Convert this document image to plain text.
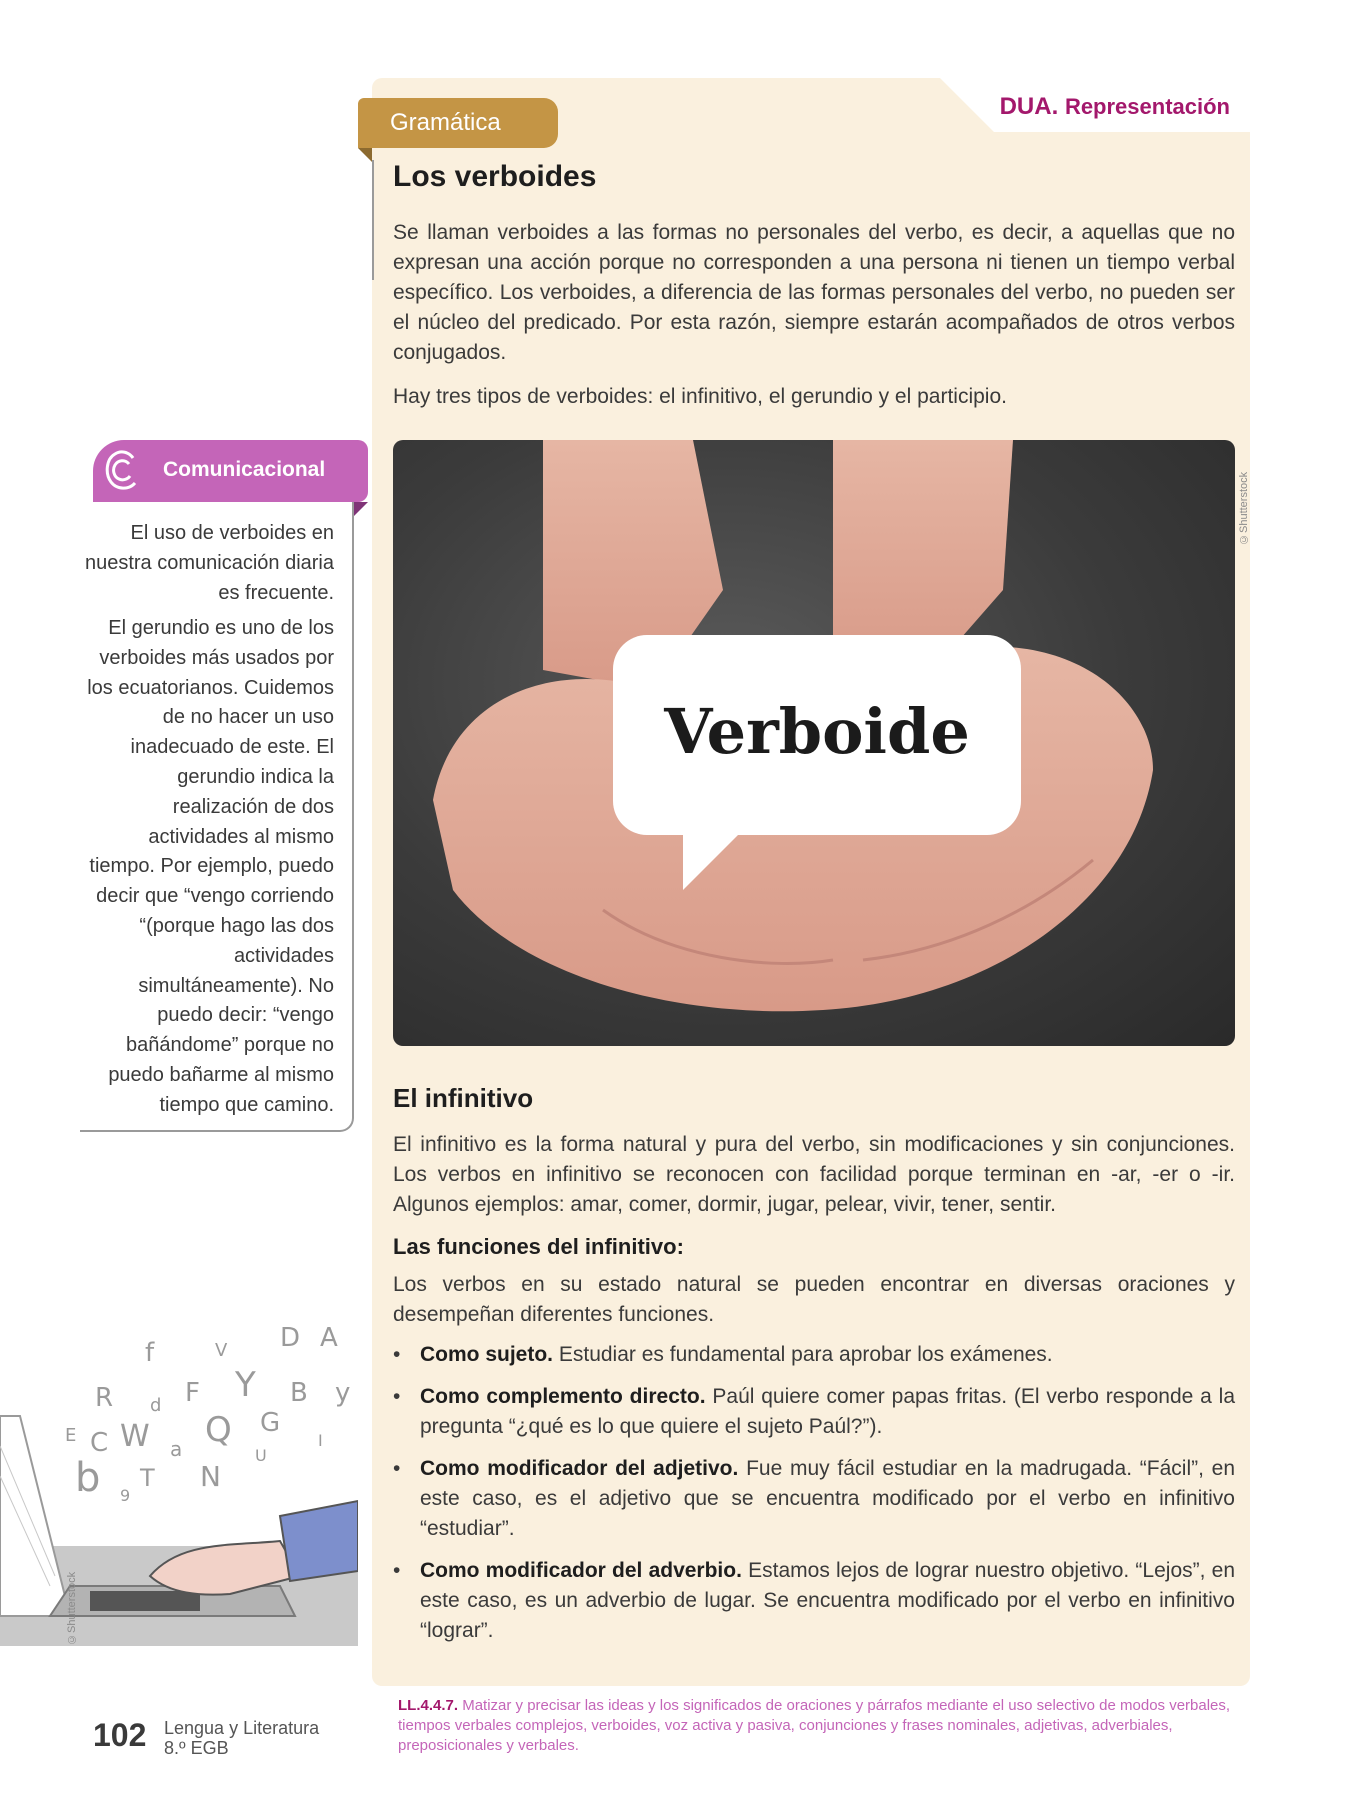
DUA. Representación
Gramática
Los verboides

Se llaman verboides a las formas no personales del verbo, es decir, a aquellas que no expresan una acción porque no corresponden a una persona ni tienen un tiempo verbal específico. Los verboides, a diferencia de las formas personales del verbo, no pueden ser el núcleo del predicado. Por esta razón, siempre estarán acompañados de otros verbos conjugados.

Hay tres tipos de verboides: el infinitivo, el gerundio y el participio.

Verboide
©Shutterstock
El infinitivo

El infinitivo es la forma natural y pura del verbo, sin modificaciones y sin conjunciones. Los verbos en infinitivo se reconocen con facilidad porque terminan en -ar, -er o -ir. Algunos ejemplos: amar, comer, dormir, jugar, pelear, vivir, tener, sentir.

Las funciones del infinitivo:

Los verbos en su estado natural se pueden encontrar en diversas oraciones y desempeñan diferentes funciones.

• Como sujeto. Estudiar es fundamental para aprobar los exámenes.
• Como complemento directo. Paúl quiere comer papas fritas. (El verbo responde a la pregunta “¿qué es lo que quiere el sujeto Paúl?”).
• Como modificador del adjetivo. Fue muy fácil estudiar en la madrugada. “Fácil”, en este caso, es el adjetivo que se encuentra modificado por el verbo en infinitivo “estudiar”.
• Como modificador del adverbio. Estamos lejos de lograr nuestro objetivo. “Lejos”, en este caso, es un adverbio de lugar. Se encuentra modificado por el verbo en infinitivo “lograr”.
Comunicacional

El uso de verboides en nuestra comunicación diaria es frecuente.

El gerundio es uno de los verboides más usados por los ecuatorianos. Cuidemos de no hacer un uso inadecuado de este. El gerundio indica la realización de dos actividades al mismo tiempo. Por ejemplo, puedo decir que “vengo corriendo “(porque hago las dos actividades simultáneamente). No puedo decir: “vengo bañándome” porque no puedo bañarme al mismo tiempo que camino.

R
f
d F
V D A
Y B y
Q G
E C W a	U
I
b T N
9
©Shutterstock
102 Lengua y Literatura
8.º EGB

LL.4.4.7. Matizar y precisar las ideas y los significados de oraciones y párrafos mediante el uso selectivo de modos verbales, tiempos verbales complejos, verboides, voz activa y pasiva, conjunciones y frases nominales, adjetivas, adverbiales, preposicionales y verbales.
